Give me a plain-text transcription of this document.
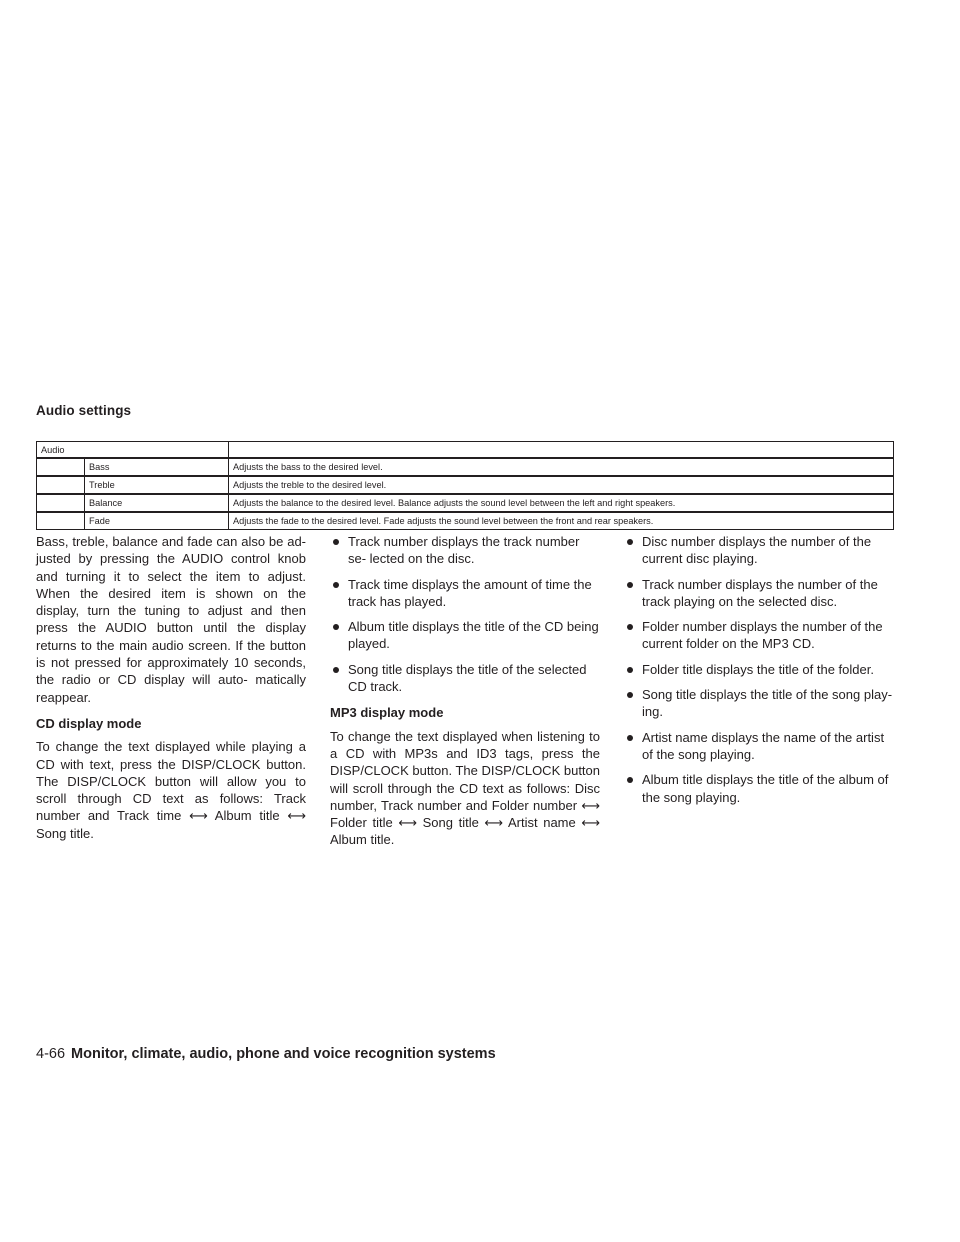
Audio settings
Audio		
	Bass	Adjusts the bass to the desired level.
	Treble	Adjusts the treble to the desired level.
	Balance	Adjusts the balance to the desired level. Balance adjusts the sound level between the left and right speakers.
	Fade	Adjusts the fade to the desired level. Fade adjusts the sound level between the front and rear speakers.

Bass, treble, balance and fade can also be ad- justed by pressing the AUDIO control knob and turning it to select the item to adjust. When the desired item is shown on the display, turn the tuning to adjust and then press the AUDIO button until the display returns to the main audio screen. If the button is not pressed for approximately 10 seconds, the radio or CD display will auto- matically reappear.

CD display mode

To change the text displayed while playing a CD with text, press the DISP/CLOCK button. The DISP/CLOCK button will allow you to scroll through CD text as follows: Track number and Track time ⟷ Album title ⟷ Song title.

Track number displays the track number se- lected on the disc.
Track time displays the amount of time the track has played.
Album title displays the title of the CD being played.
Song title displays the title of the selected CD track.
MP3 display mode

To change the text displayed when listening to a CD with MP3s and ID3 tags, press the DISP/CLOCK button. The DISP/CLOCK button will scroll through the CD text as follows: Disc number, Track number and Folder number ⟷ Folder title ⟷ Song title ⟷ Artist name ⟷ Album title.

Disc number displays the number of the current disc playing.
Track number displays the number of the track playing on the selected disc.
Folder number displays the number of the current folder on the MP3 CD.
Folder title displays the title of the folder.
Song title displays the title of the song play- ing.
Artist name displays the name of the artist of the song playing.
Album title displays the title of the album of the song playing.
4-66 Monitor, climate, audio, phone and voice recognition systems
